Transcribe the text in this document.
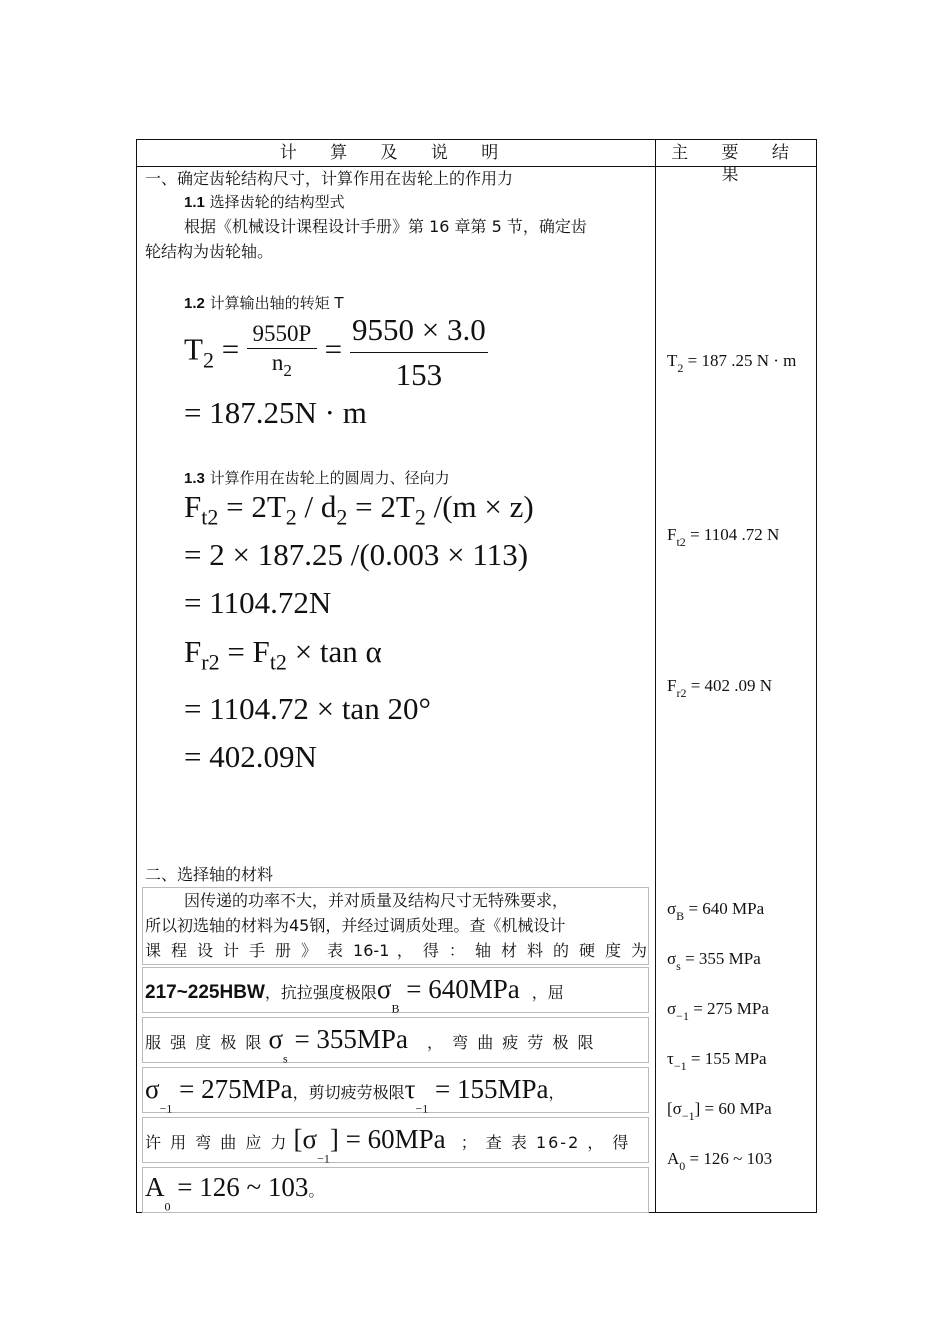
计 算 及 说 明	主 要 结 果
一、确定齿轮结构尺寸，计算作用在齿轮上的作用力
1.1 选择齿轮的结构型式
根据《机械设计课程设计手册》第 16 章第 5 节，确定齿
轮结构为齿轮轴。
1.2 计算输出轴的转矩 T
$T_2 = \frac{9550P}{n_2} = \frac{9550 \times 3.0}{153}$
= 187.25N · m
1.3 计算作用在齿轮上的圆周力、径向力
$F_{t2} = 2T_2 / d_2 = 2T_2$ /(m × z)
= 2 × 187.25 /(0.003 × 113)
= 1104.72N
$F_{r2} = F_{t2} \times \tan \alpha$
= 1104.72 × tan 20°
= 402.09N
$T_2 = 187$ .25 N · m
$F_{t2} = 1104$ .72 N
$F_{r2} = 402$ .09 N
$\sigma_B = 640$ MPa
$\sigma_s = 355$ MPa
$\sigma_{-1} = 275$ MPa
$\tau_{-1} = 155$ MPa
$[\sigma_{-1}] = 60$ MPa
$A_0 = 126$ ~ 103
二、选择轴的材料
因传递的功率不大，并对质量及结构尺寸无特殊要求，
所以初选轴的材料为45钢，并经过调质处理。查《机械设计
课 程 设 计 手 册 》 表 16-1 ， 得 ： 轴 材 料 的 硬 度 为
217~225HBW，抗拉强度极限$\sigma_B = 640MPa$ ，屈
服 强 度 极 限 $\sigma_s = 355MPa$ ， 弯 曲 疲 劳 极 限
$\sigma_{-1} = 275MPa$，剪切疲劳极限$\tau_{-1} = 155MPa$，
许 用 弯 曲 应 力 $[\sigma_{-1}] = 60MPa$ ； 查 表 16-2 ， 得
$A_0 = 126$ ~ 103。
